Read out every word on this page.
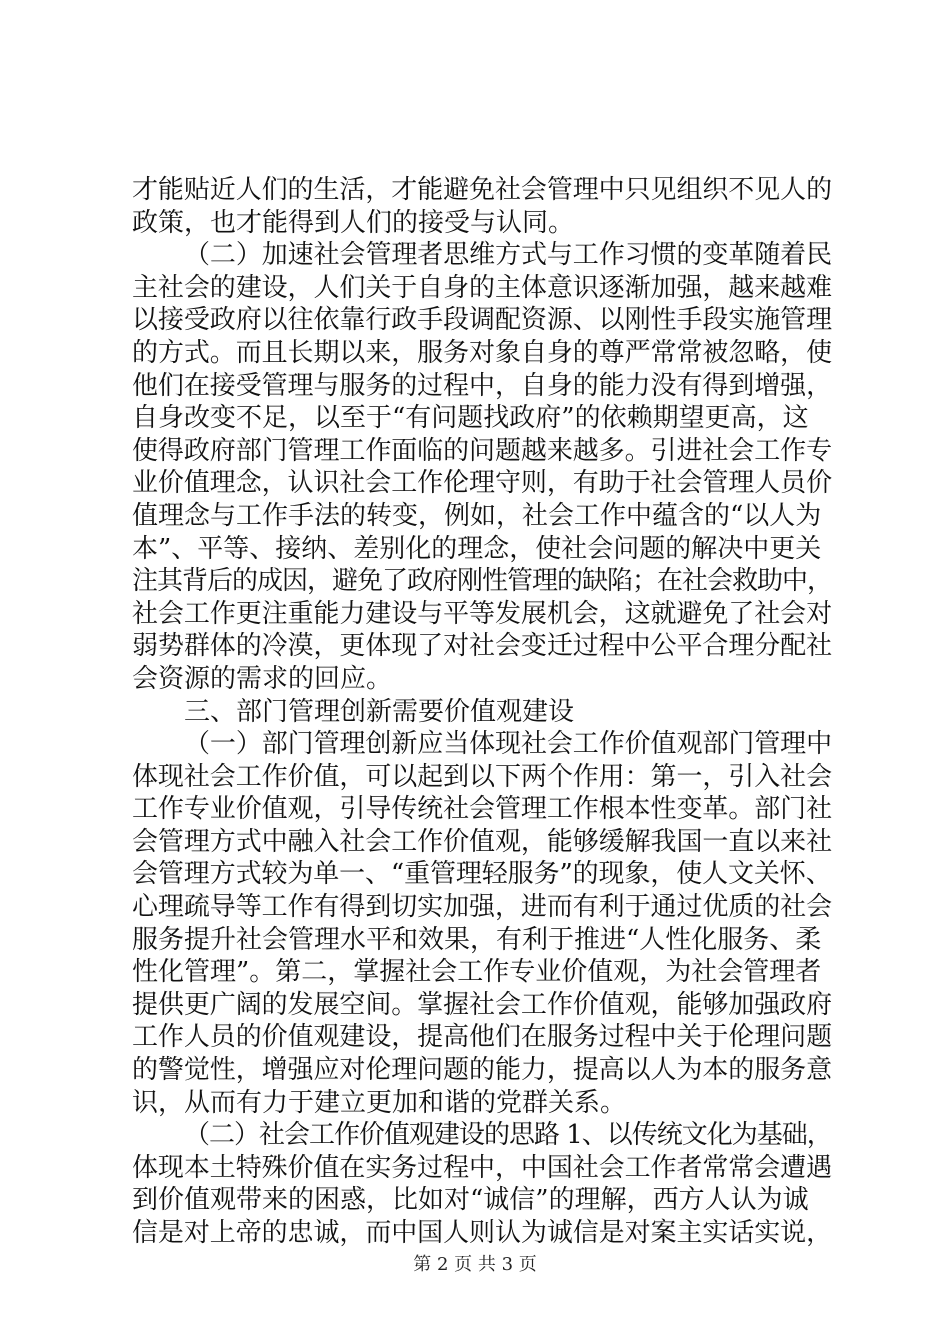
才能贴近人们的生活，才能避免社会管理中只见组织不见人的
政策，也才能得到人们的接受与认同。
（二）加速社会管理者思维方式与工作习惯的变革随着民
主社会的建设，人们关于自身的主体意识逐渐加强，越来越难
以接受政府以往依靠行政手段调配资源、以刚性手段实施管理
的方式。而且长期以来，服务对象自身的尊严常常被忽略，使
他们在接受管理与服务的过程中，自身的能力没有得到增强，
自身改变不足，以至于“有问题找政府”的依赖期望更高，这
使得政府部门管理工作面临的问题越来越多。引进社会工作专
业价值理念，认识社会工作伦理守则，有助于社会管理人员价
值理念与工作手法的转变，例如，社会工作中蕴含的“以人为
本”、平等、接纳、差别化的理念，使社会问题的解决中更关
注其背后的成因，避免了政府刚性管理的缺陷；在社会救助中，
社会工作更注重能力建设与平等发展机会，这就避免了社会对
弱势群体的冷漠，更体现了对社会变迁过程中公平合理分配社
会资源的需求的回应。
三、部门管理创新需要价值观建设
（一）部门管理创新应当体现社会工作价值观部门管理中
体现社会工作价值，可以起到以下两个作用：第一，引入社会
工作专业价值观，引导传统社会管理工作根本性变革。部门社
会管理方式中融入社会工作价值观，能够缓解我国一直以来社
会管理方式较为单一、“重管理轻服务”的现象，使人文关怀、
心理疏导等工作有得到切实加强，进而有利于通过优质的社会
服务提升社会管理水平和效果，有利于推进“人性化服务、柔
性化管理”。第二，掌握社会工作专业价值观，为社会管理者
提供更广阔的发展空间。掌握社会工作价值观，能够加强政府
工作人员的价值观建设，提高他们在服务过程中关于伦理问题
的警觉性，增强应对伦理问题的能力，提高以人为本的服务意
识，从而有力于建立更加和谐的党群关系。
（二）社会工作价值观建设的思路 1、以传统文化为基础，
体现本土特殊价值在实务过程中，中国社会工作者常常会遭遇
到价值观带来的困惑，比如对“诚信”的理解，西方人认为诚
信是对上帝的忠诚，而中国人则认为诚信是对案主实话实说，
第 2 页 共 3 页
